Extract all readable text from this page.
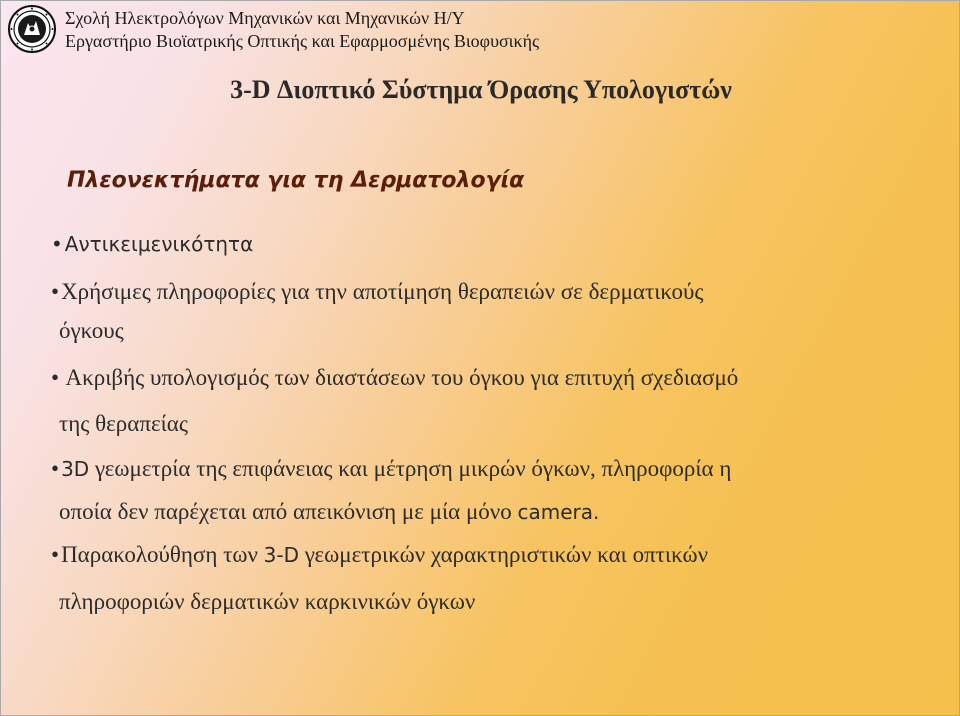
Σχολή Ηλεκτρολόγων Μηχανικών και Μηχανικών Η/Υ

Εργαστήριο Βιοϊατρικής Οπτικής και Εφαρμοσμένης Βιοφυσικής

3-D Διοπτικό Σύστημα Όρασης Υπολογιστών
Πλεονεκτήματα για τη Δερματολογία

• Αντικειμενικότητα

•Χρήσιμες πληροφορίες για την αποτίμηση θεραπειών σε δερματικούς

όγκους

• Ακριβής υπολογισμός των διαστάσεων του όγκου για επιτυχή σχεδιασμό

της θεραπείας

• 3D γεωμετρία της επιφάνειας και μέτρηση μικρών όγκων, πληροφορία η

οποία δεν παρέχεται από απεικόνιση με μία μόνο camera.

•Παρακολούθηση των 3-D γεωμετρικών χαρακτηριστικών και οπτικών

πληροφοριών δερματικών καρκινικών όγκων
